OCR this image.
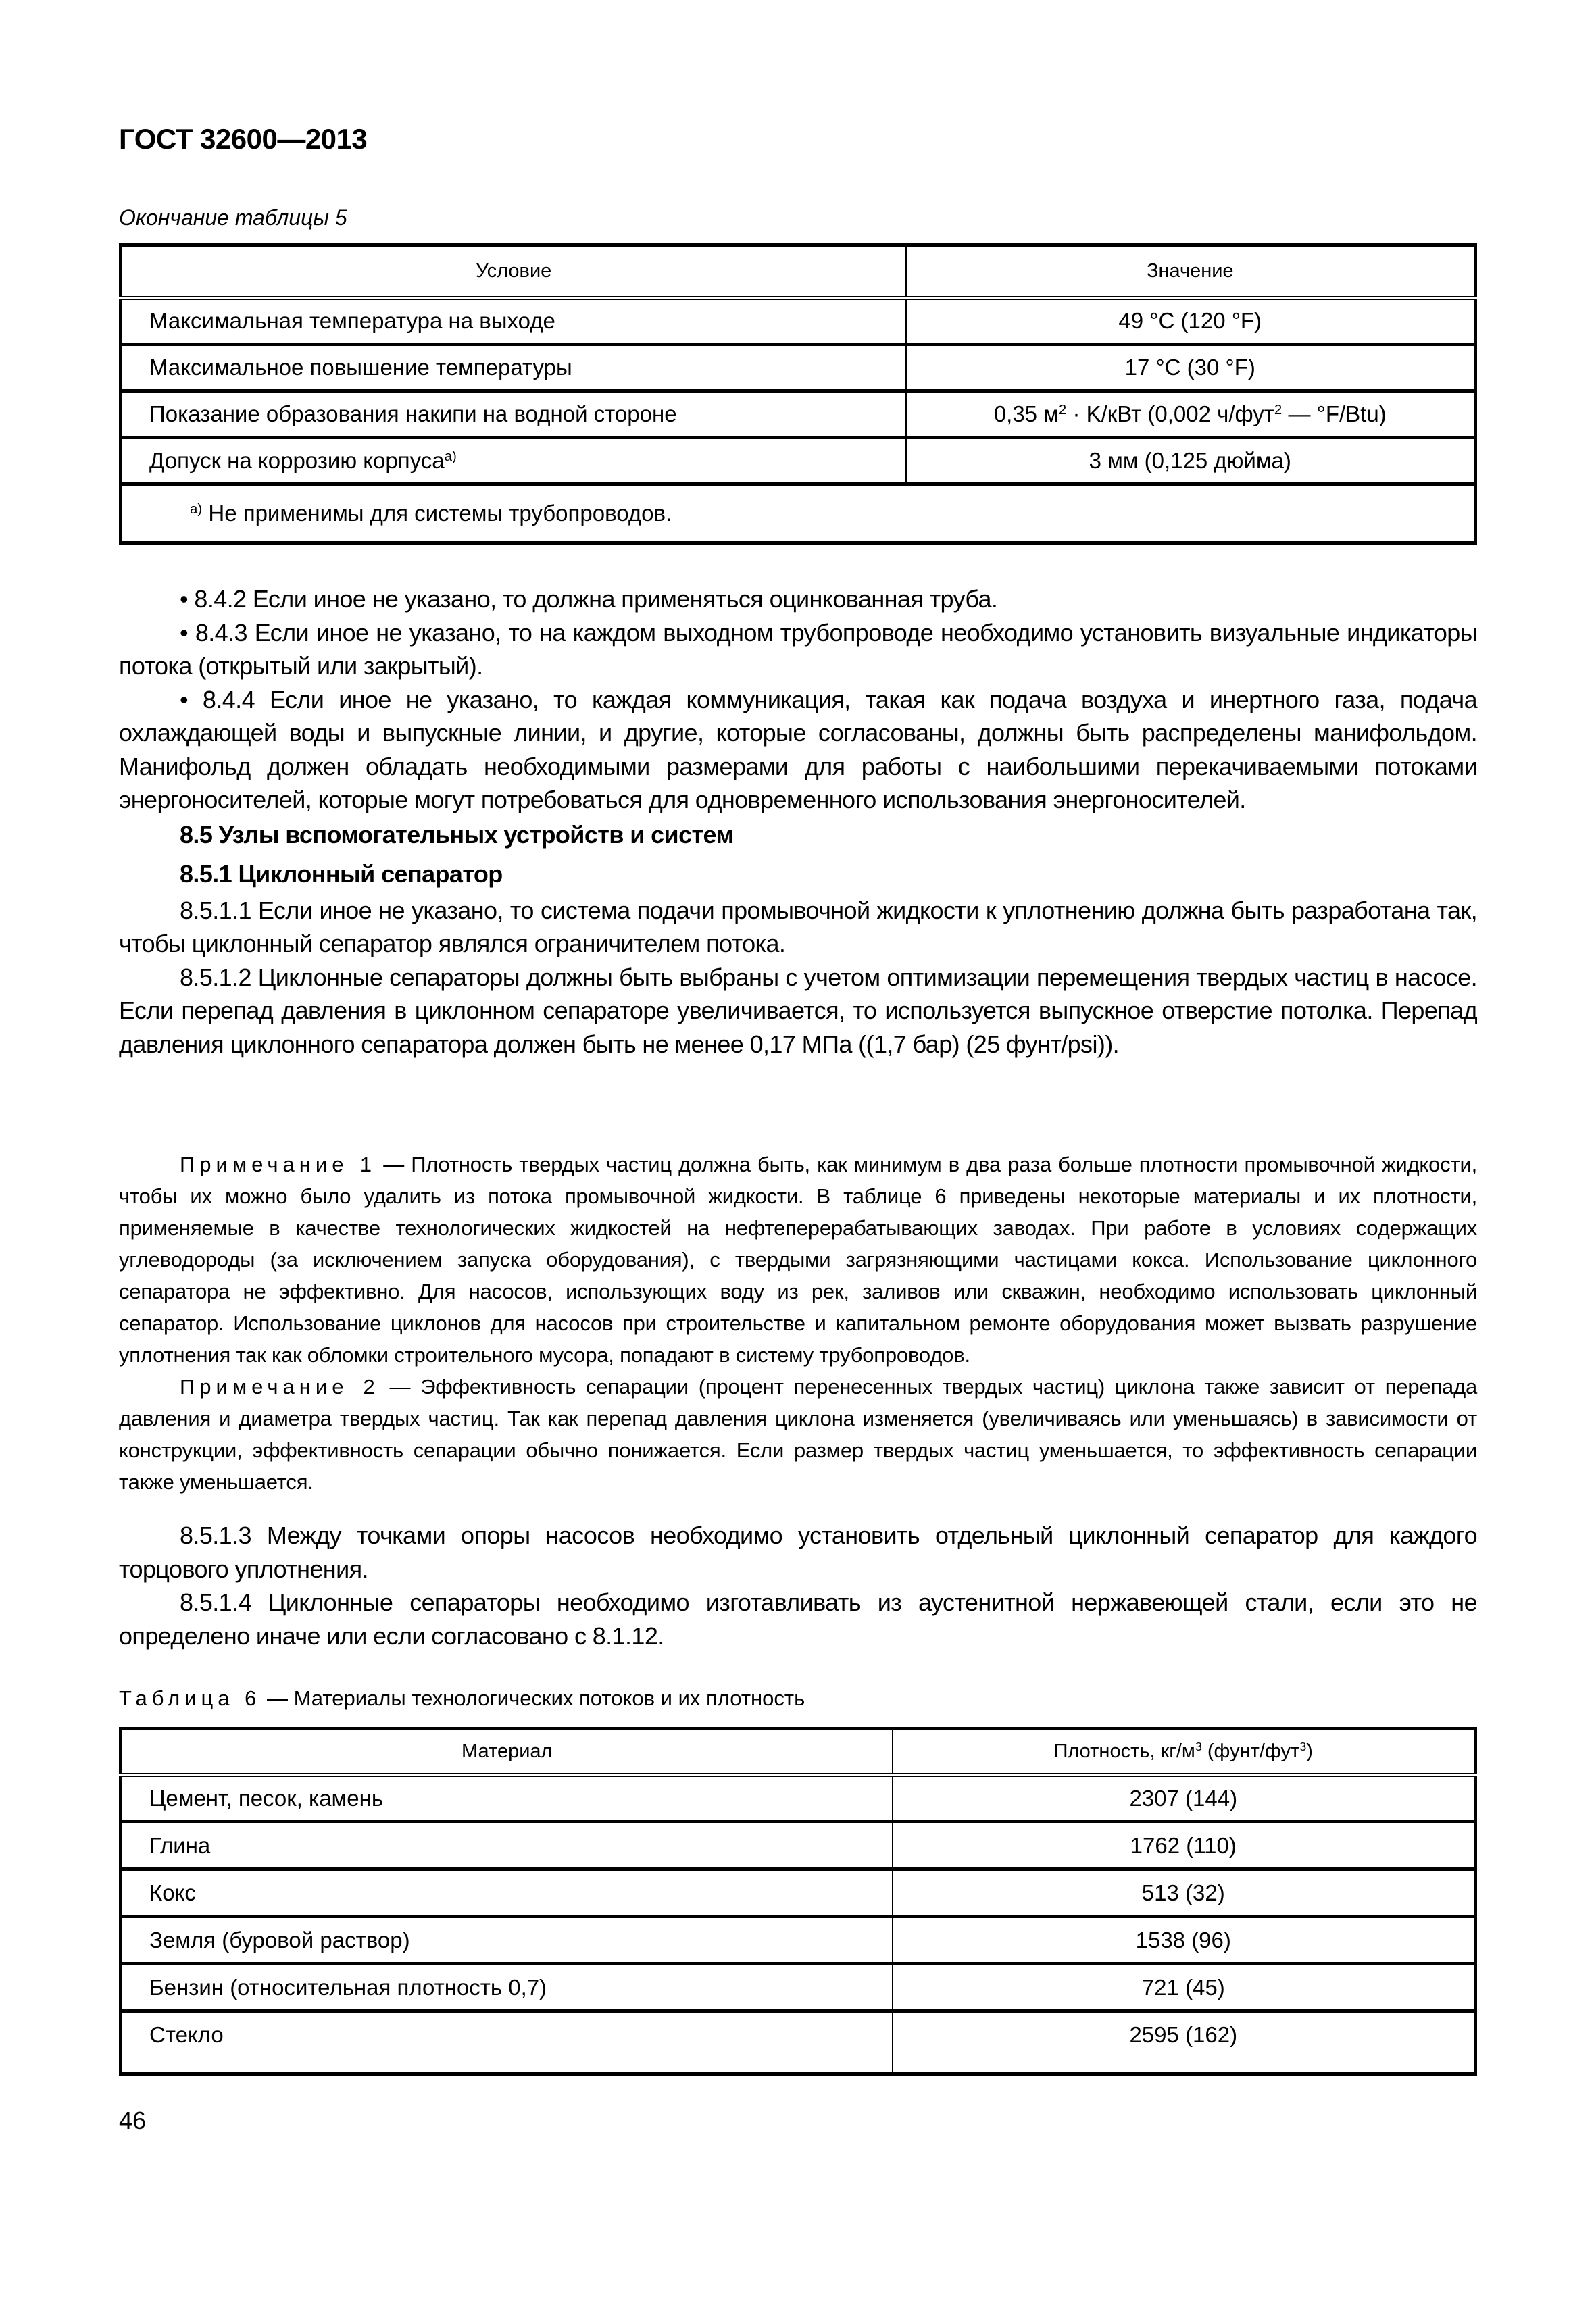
ГОСТ 32600—2013
Окончание таблицы 5
Условие	Значение
Максимальная температура на выходе	49 °C (120 °F)
Максимальное повышение температуры	17 °C (30 °F)
Показание образования накипи на водной стороне	0,35 $м^2 \cdot K/кВт$ (0,002 ч/фут$^2$ — °F/Btu)
Допуск на коррозию корпуса$^{а)}$	3 мм (0,125 дюйма)
$^{а)}$ Не применимы для системы трубопроводов.	

• 8.4.2 Если иное не указано, то должна применяться оцинкованная труба.

• 8.4.3 Если иное не указано, то на каждом выходном трубопроводе необходимо установить визуальные индикаторы потока (открытый или закрытый).

• 8.4.4 Если иное не указано, то каждая коммуникация, такая как подача воздуха и инертного газа, подача охлаждающей воды и выпускные линии, и другие, которые согласованы, должны быть распределены манифольдом. Манифольд должен обладать необходимыми размерами для работы с наибольшими перекачиваемыми потоками энергоносителей, которые могут потребоваться для одновременного использования энергоносителей.

8.5 Узлы вспомогательных устройств и систем
8.5.1 Циклонный сепаратор

8.5.1.1 Если иное не указано, то система подачи промывочной жидкости к уплотнению должна быть разработана так, чтобы циклонный сепаратор являлся ограничителем потока.

8.5.1.2 Циклонные сепараторы должны быть выбраны с учетом оптимизации перемещения твердых частиц в насосе. Если перепад давления в циклонном сепараторе увеличивается, то используется выпускное отверстие потолка. Перепад давления циклонного сепаратора должен быть не менее 0,17 МПа ((1,7 бар) (25 фунт/psi)).

Примечание 1 — Плотность твердых частиц должна быть, как минимум в два раза больше плотности промывочной жидкости, чтобы их можно было удалить из потока промывочной жидкости. В таблице 6 приведены некоторые материалы и их плотности, применяемые в качестве технологических жидкостей на нефтеперерабатывающих заводах. При работе в условиях содержащих углеводороды (за исключением запуска оборудования), с твердыми загрязняющими частицами кокса. Использование циклонного сепаратора не эффективно. Для насосов, использующих воду из рек, заливов или скважин, необходимо использовать циклонный сепаратор. Использование циклонов для насосов при строительстве и капитальном ремонте оборудования может вызвать разрушение уплотнения так как обломки строительного мусора, попадают в систему трубопроводов.

Примечание 2 — Эффективность сепарации (процент перенесенных твердых частиц) циклона также зависит от перепада давления и диаметра твердых частиц. Так как перепад давления циклона изменяется (увеличиваясь или уменьшаясь) в зависимости от конструкции, эффективность сепарации обычно понижается. Если размер твердых частиц уменьшается, то эффективность сепарации также уменьшается.

8.5.1.3 Между точками опоры насосов необходимо установить отдельный циклонный сепаратор для каждого торцового уплотнения.

8.5.1.4 Циклонные сепараторы необходимо изготавливать из аустенитной нержавеющей стали, если это не определено иначе или если согласовано с 8.1.12.

Таблица 6 — Материалы технологических потоков и их плотность
Материал	Плотность, $кг/м^3$ (фунт/фут$^3$)
Цемент, песок, камень	2307 (144)
Глина	1762 (110)
Кокс	513 (32)
Земля (буровой раствор)	1538 (96)
Бензин (относительная плотность 0,7)	721 (45)
Стекло	2595 (162)
46
